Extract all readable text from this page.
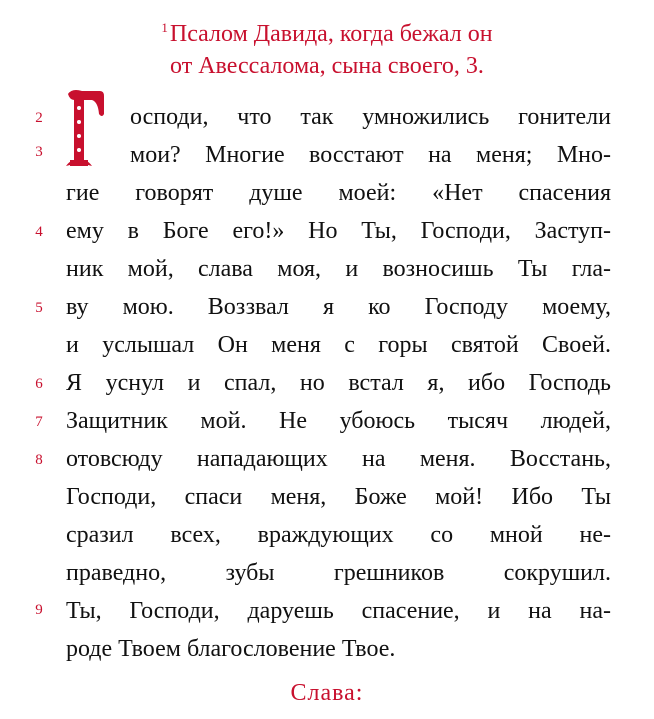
$^1$Псалом Давида, когда бежал он
от Авессалома, сына своего, 3.
2
3
4
5
6
7
8
9
осподи, что так умножились гонители
мои? Многие восстают на меня; Мно-
гие говорят душе моей: «Нет спасения
ему в Боге его!» Но Ты, Господи, Заступ-
ник мой, слава моя, и возносишь Ты гла-
ву мою. Воззвал я ко Господу моему,
и услышал Он меня с горы святой Своей.
Я уснул и спал, но встал я, ибо Господь
Защитник мой. Не убоюсь тысяч людей,
отовсюду нападающих на меня. Восстань,
Господи, спаси меня, Боже мой! Ибо Ты
сразил всех, враждующих со мной не-
праведно, зубы грешников сокрушил.
Ты, Господи, даруешь спасение, и на на-
роде Твоем благословение Твое.
Слава:
